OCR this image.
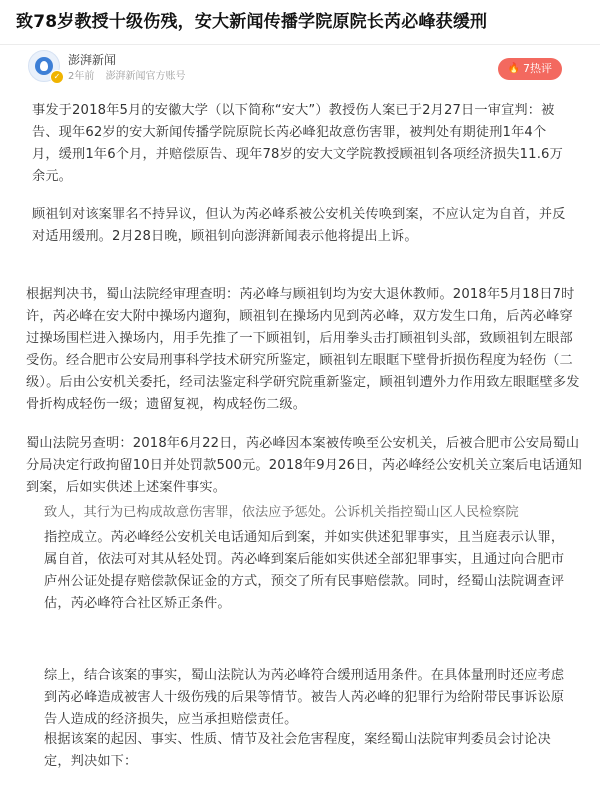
致78岁教授十级伤残，安大新闻传播学院原院长芮必峰获缓刑
✓
澎湃新闻
2年前 澎湃新闻官方账号
🔥 7热评

事发于2018年5月的安徽大学（以下简称“安大”）教授伤人案已于2月27日一审宣判：被告、现年62岁的安大新闻传播学院原院长芮必峰犯故意伤害罪，被判处有期徒刑1年4个月，缓刑1年6个月，并赔偿原告、现年78岁的安大文学院教授顾祖钊各项经济损失11.6万余元。

顾祖钊对该案罪名不持异议，但认为芮必峰系被公安机关传唤到案，不应认定为自首，并反对适用缓刑。2月28日晚，顾祖钊向澎湃新闻表示他将提出上诉。

根据判决书，蜀山法院经审理查明：芮必峰与顾祖钊均为安大退休教师。2018年5月18日7时许，芮必峰在安大附中操场内遛狗，顾祖钊在操场内见到芮必峰，双方发生口角，后芮必峰穿过操场围栏进入操场内，用手先推了一下顾祖钊，后用拳头击打顾祖钊头部，致顾祖钊左眼部受伤。经合肥市公安局刑事科学技术研究所鉴定，顾祖钊左眼眶下壁骨折损伤程度为轻伤（二级）。后由公安机关委托，经司法鉴定科学研究院重新鉴定，顾祖钊遭外力作用致左眼眶壁多发骨折构成轻伤一级；遗留复视，构成轻伤二级。

蜀山法院另查明：2018年6月22日，芮必峰因本案被传唤至公安机关，后被合肥市公安局蜀山分局决定行政拘留10日并处罚款500元。2018年9月26日，芮必峰经公安机关立案后电话通知到案，后如实供述上述案件事实。

致人，其行为已构成故意伤害罪，依法应予惩处。公诉机关指控蜀山区人民检察院

指控成立。芮必峰经公安机关电话通知后到案，并如实供述犯罪事实，且当庭表示认罪，属自首，依法可对其从轻处罚。芮必峰到案后能如实供述全部犯罪事实，且通过向合肥市庐州公证处提存赔偿款保证金的方式，预交了所有民事赔偿款。同时，经蜀山法院调查评估，芮必峰符合社区矫正条件。

综上，结合该案的事实，蜀山法院认为芮必峰符合缓刑适用条件。在具体量刑时还应考虑到芮必峰造成被害人十级伤残的后果等情节。被告人芮必峰的犯罪行为给附带民事诉讼原告人造成的经济损失，应当承担赔偿责任。

根据该案的起因、事实、性质、情节及社会危害程度，案经蜀山法院审判委员会讨论决定，判决如下：
